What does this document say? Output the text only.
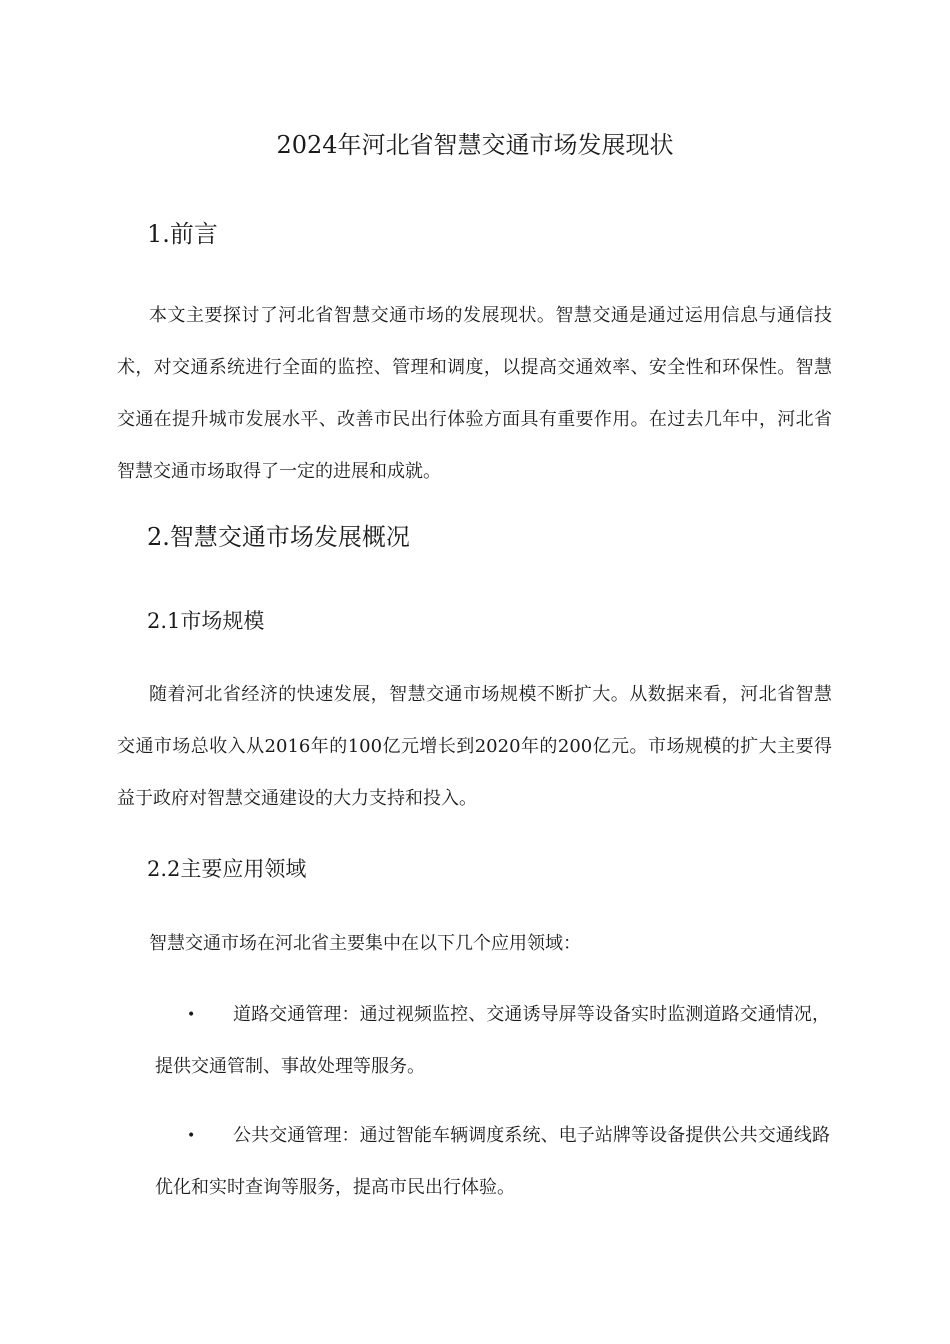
2024年河北省智慧交通市场发展现状
1.前言

本文主要探讨了河北省智慧交通市场的发展现状。智慧交通是通过运用信息与通信技术，对交通系统进行全面的监控、管理和调度，以提高交通效率、安全性和环保性。智慧交通在提升城市发展水平、改善市民出行体验方面具有重要作用。在过去几年中，河北省智慧交通市场取得了一定的进展和成就。

2.智慧交通市场发展概况
2.1市场规模

随着河北省经济的快速发展，智慧交通市场规模不断扩大。从数据来看，河北省智慧交通市场总收入从2016年的100亿元增长到2020年的200亿元。市场规模的扩大主要得益于政府对智慧交通建设的大力支持和投入。

2.2主要应用领域

智慧交通市场在河北省主要集中在以下几个应用领域：

•	道路交通管理：通过视频监控、交通诱导屏等设备实时监测道路交通情况，提供交通管制、事故处理等服务。
•	公共交通管理：通过智能车辆调度系统、电子站牌等设备提供公共交通线路优化和实时查询等服务，提高市民出行体验。
